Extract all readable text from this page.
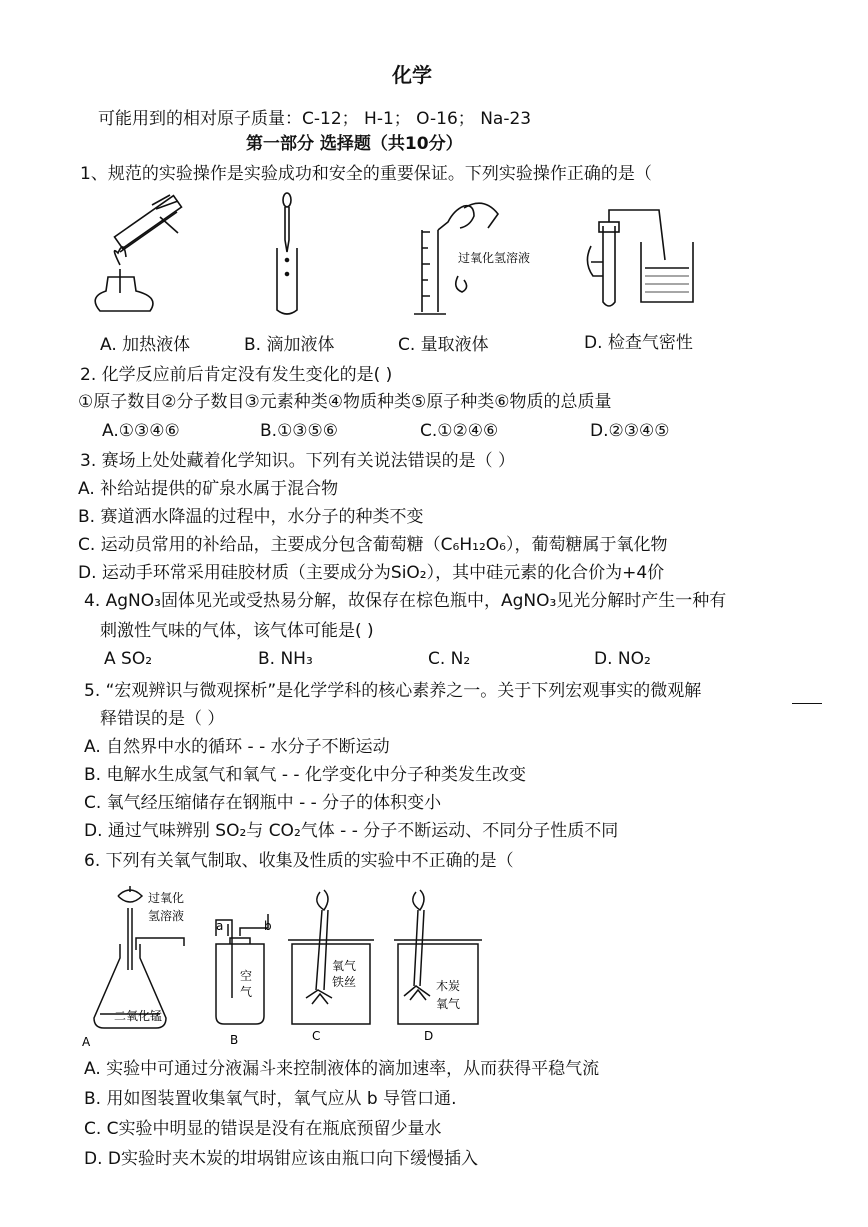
化学
可能用到的相对原子质量：C-12； H-1； O-16； Na-23
第一部分 选择题（共10分）
1、规范的实验操作是实验成功和安全的重要保证。下列实验操作正确的是（
过氧化氢溶液
A. 加热液体	B. 滴加液体	C. 量取液体	D. 检查气密性
2. 化学反应前后肯定没有发生变化的是( )
①原子数目②分子数目③元素种类④物质种类⑤原子种类⑥物质的总质量
A.①③④⑥	B.①③⑤⑥	C.①②④⑥	D.②③④⑤
3. 赛场上处处藏着化学知识。下列有关说法错误的是（ ）
A. 补给站提供的矿泉水属于混合物
B. 赛道洒水降温的过程中，水分子的种类不变
C. 运动员常用的补给品，主要成分包含葡萄糖（C₆H₁₂O₆），葡萄糖属于氧化物
D. 运动手环常采用硅胶材质（主要成分为SiO₂），其中硅元素的化合价为+4价
4. AgNO₃固体见光或受热易分解，故保存在棕色瓶中，AgNO₃见光分解时产生一种有
刺激性气味的气体，该气体可能是( )
A SO₂	B. NH₃	C. N₂	D. NO₂
5. “宏观辨识与微观探析”是化学学科的核心素养之一。关于下列宏观事实的微观解
释错误的是（ ）
A. 自然界中水的循环 - - 水分子不断运动
B. 电解水生成氢气和氧气 - - 化学变化中分子种类发生改变
C. 氧气经压缩储存在钢瓶中 - - 分子的体积变小
D. 通过气味辨别 SO₂与 CO₂气体 - - 分子不断运动、不同分子性质不同
6. 下列有关氧气制取、收集及性质的实验中不正确的是（
过氧化
氢溶液
二氧化锰
a	b
空
气
氧气
铁丝	木炭
氧气
A	B	C	D
A. 实验中可通过分液漏斗来控制液体的滴加速率，从而获得平稳气流
B. 用如图装置收集氧气时，氧气应从 b 导管口通.
C. C实验中明显的错误是没有在瓶底预留少量水
D. D实验时夹木炭的坩埚钳应该由瓶口向下缓慢插入
